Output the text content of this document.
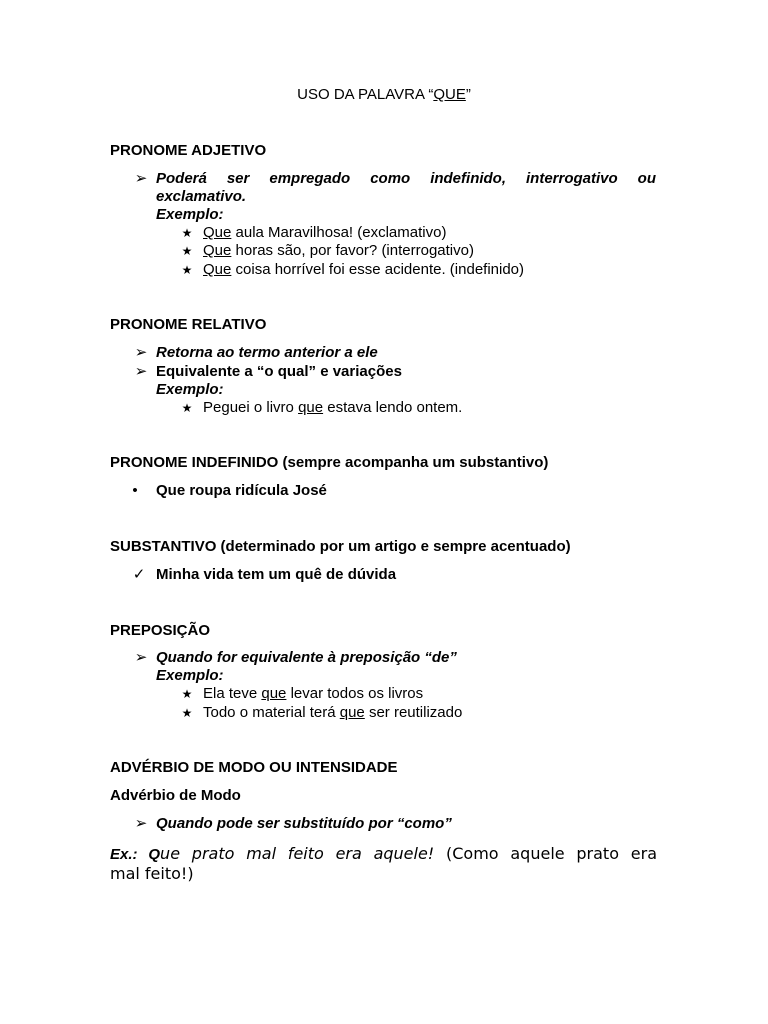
USO DA PALAVRA “QUE”
PRONOME ADJETIVO
➢ Poderá ser empregado como indefinido, interrogativo ou
exclamativo.
Exemplo:
★ Que aula Maravilhosa! (exclamativo)
★ Que horas são, por favor? (interrogativo)
★ Que coisa horrível foi esse acidente. (indefinido)
PRONOME RELATIVO
➢ Retorna ao termo anterior a ele
➢ Equivalente a “o qual” e variações
Exemplo:
★ Peguei o livro que estava lendo ontem.
PRONOME INDEFINIDO (sempre acompanha um substantivo)
•	Que roupa ridícula José
SUBSTANTIVO (determinado por um artigo e sempre acentuado)
✓ Minha vida tem um quê de dúvida
PREPOSIÇÃO
➢ Quando for equivalente à preposição “de”
Exemplo:
★ Ela teve que levar todos os livros
★ Todo o material terá que ser reutilizado
ADVÉRBIO DE MODO OU INTENSIDADE
Advérbio de Modo
➢ Quando pode ser substituído por “como”
Ex.: Que prato mal feito era aquele! (Como aquele prato era
mal feito!)
